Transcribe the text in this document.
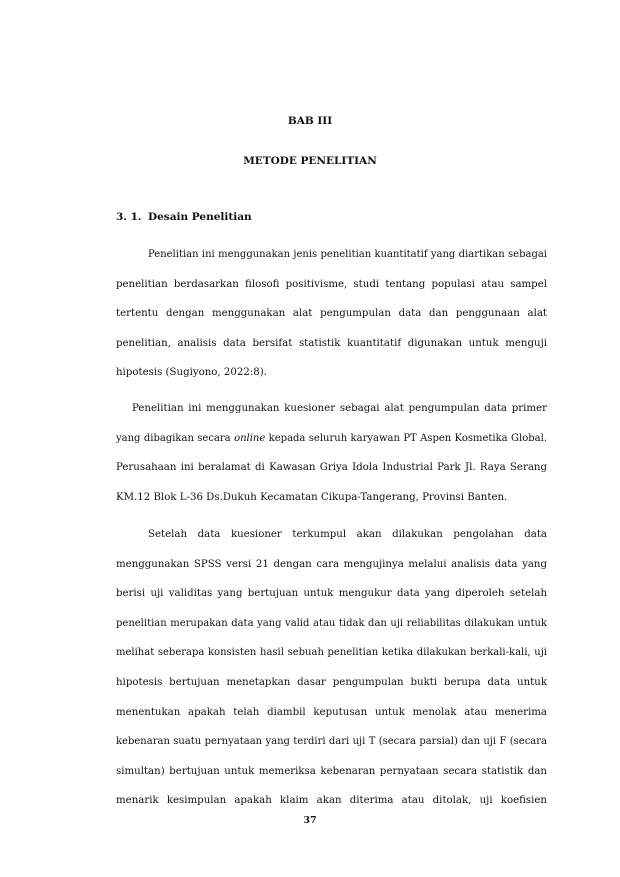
BAB III

METODE PENELITIAN

3. 1. Desain Penelitian

Penelitian ini menggunakan jenis penelitian kuantitatif yang diartikan sebagai
penelitian berdasarkan filosofi positivisme, studi tentang populasi atau sampel
tertentu dengan menggunakan alat pengumpulan data dan penggunaan alat
penelitian, analisis data bersifat statistik kuantitatif digunakan untuk menguji
hipotesis (Sugiyono, 2022:8).
Penelitian ini menggunakan kuesioner sebagai alat pengumpulan data primer
yang dibagikan secara online kepada seluruh karyawan PT Aspen Kosmetika Global.
Perusahaan ini beralamat di Kawasan Griya Idola Industrial Park Jl. Raya Serang
KM.12 Blok L-36 Ds.Dukuh Kecamatan Cikupa-Tangerang, Provinsi Banten.
Setelah data kuesioner terkumpul akan dilakukan pengolahan data
menggunakan SPSS versi 21 dengan cara mengujinya melalui analisis data yang
berisi uji validitas yang bertujuan untuk mengukur data yang diperoleh setelah
penelitian merupakan data yang valid atau tidak dan uji reliabilitas dilakukan untuk
melihat seberapa konsisten hasil sebuah penelitian ketika dilakukan berkali-kali, uji
hipotesis bertujuan menetapkan dasar pengumpulan bukti berupa data untuk
menentukan apakah telah diambil keputusan untuk menolak atau menerima
kebenaran suatu pernyataan yang terdiri dari uji T (secara parsial) dan uji F (secara
simultan) bertujuan untuk memeriksa kebenaran pernyataan secara statistik dan
menarik kesimpulan apakah klaim akan diterima atau ditolak, uji koefisien

37
